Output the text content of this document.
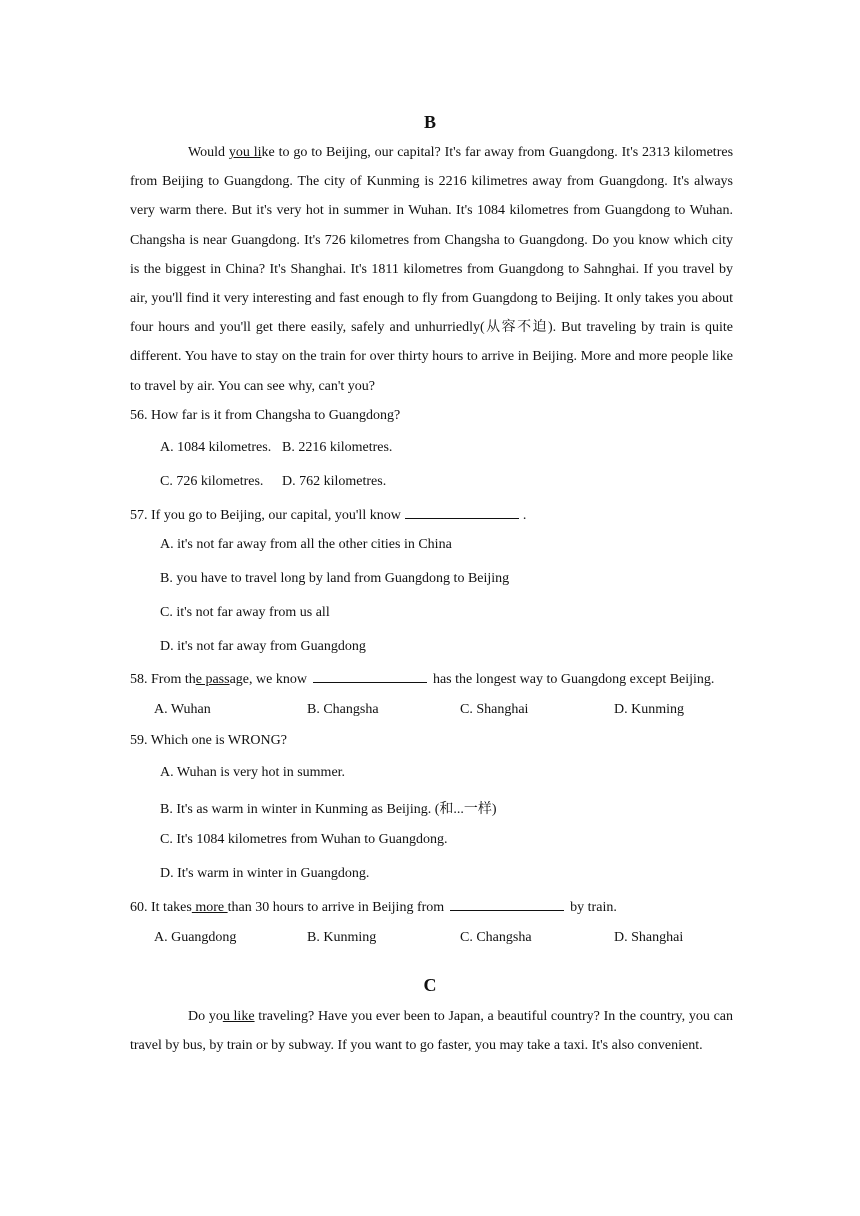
B
Would you like to go to Beijing, our capital? It's far away from Guangdong. It's 2313 kilometres from Beijing to Guangdong. The city of Kunming is 2216 kilimetres away from Guangdong. It's always very warm there. But it's very hot in summer in Wuhan. It's 1084 kilometres from Guangdong to Wuhan. Changsha is near Guangdong. It's 726 kilometres from Changsha to Guangdong. Do you know which city is the biggest in China? It's Shanghai. It's 1811 kilometres from Guangdong to Sahnghai. If you travel by air, you'll find it very interesting and fast enough to fly from Guangdong to Beijing. It only takes you about four hours and you'll get there easily, safely and unhurriedly(从容不迫). But traveling by train is quite different. You have to stay on the train for over thirty hours to arrive in Beijing. More and more people like to travel by air. You can see why, can't you?
56. How far is it from Changsha to Guangdong?
A. 1084 kilometres. B. 2216 kilometres.
C. 726 kilometres. D. 762 kilometres.
57. If you go to Beijing, our capital, you'll know	.
A. it's not far away from all the other cities in China
B. you have to travel long by land from Guangdong to Beijing
C. it's not far away from us all
D. it's not far away from Guangdong
58. From the passage, we know	has the longest way to Guangdong except Beijing.
A. Wuhan	B. Changsha	C. Shanghai	D. Kunming
59. Which one is WRONG?
A. Wuhan is very hot in summer.
B. It's as warm in winter in Kunming as Beijing. (和...一样)
C. It's 1084 kilometres from Wuhan to Guangdong.
D. It's warm in winter in Guangdong.
60. It takes more than 30 hours to arrive in Beijing from	by train.
A. Guangdong	B. Kunming	C. Changsha	D. Shanghai
C
Do you like traveling? Have you ever been to Japan, a beautiful country? In the country, you can travel by bus, by train or by subway. If you want to go faster, you may take a taxi. It's also convenient.
